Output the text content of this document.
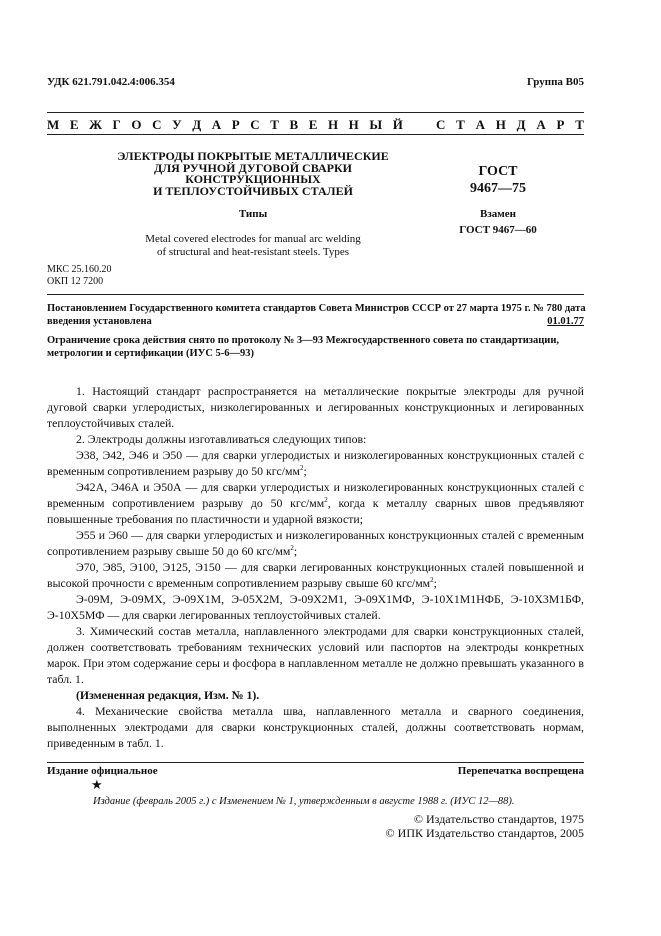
УДК 621.791.042.4:006.354	Группа В05
М Е Ж Г О С У Д А Р С Т В Е Н Н Ы Й	С Т А Н Д А Р Т
ЭЛЕКТРОДЫ ПОКРЫТЫЕ МЕТАЛЛИЧЕСКИЕ
ДЛЯ РУЧНОЙ ДУГОВОЙ СВАРКИ
КОНСТРУКЦИОННЫХ
И ТЕПЛОУСТОЙЧИВЫХ СТАЛЕЙ
Типы
Metal covered electrodes for manual arc welding
of structural and heat-resistant steels. Types
ГОСТ
9467—75
Взамен
ГОСТ 9467—60
МКС 25.160.20
ОКП 12 7200
Постановлением Государственного комитета стандартов Совета Министров СССР от 27 марта 1975 г. № 780 дата
введения установлена	01.01.77
Ограничение срока действия снято по протоколу № 3—93 Межгосударственного совета по стандартизации,
метрологии и сертификации (ИУС 5-6—93)

1. Настоящий стандарт распространяется на металлические покрытые электроды для ручной дуговой сварки углеродистых, низколегированных и легированных конструкционных и легированных теплоустойчивых сталей.

2. Электроды должны изготавливаться следующих типов:

Э38, Э42, Э46 и Э50 — для сварки углеродистых и низколегированных конструкционных сталей с временным сопротивлением разрыву до 50 кгс/$мм^2$;

Э42А, Э46А и Э50А — для сварки углеродистых и низколегированных конструкционных сталей с временным сопротивлением разрыву до 50 кгс/$мм^2$, когда к металлу сварных швов предъявляют повышенные требования по пластичности и ударной вязкости;

Э55 и Э60 — для сварки углеродистых и низколегированных конструкционных сталей с временным сопротивлением разрыву свыше 50 до 60 кгс/$мм^2$;

Э70, Э85, Э100, Э125, Э150 — для сварки легированных конструкционных сталей повышенной и высокой прочности с временным сопротивлением разрыву свыше 60 кгс/$мм^2$;

Э-09М, Э-09МХ, Э-09Х1М, Э-05Х2М, Э-09Х2М1, Э-09Х1МФ, Э-10Х1М1НФБ, Э-10Х3М1БФ, Э-10Х5МФ — для сварки легированных теплоустойчивых сталей.

3. Химический состав металла, наплавленного электродами для сварки конструкционных сталей, должен соответствовать требованиям технических условий или паспортов на электроды конкретных марок. При этом содержание серы и фосфора в наплавленном металле не должно превышать указанного в табл. 1.

(Измененная редакция, Изм. № 1).

4. Механические свойства металла шва, наплавленного металла и сварного соединения, выполненных электродами для сварки конструкционных сталей, должны соответствовать нормам, приведенным в табл. 1.

Издание официальное	Перепечатка воспрещена
★
Издание (февраль 2005 г.) с Изменением № 1, утвержденным в августе 1988 г. (ИУС 12—88).
© Издательство стандартов, 1975
© ИПК Издательство стандартов, 2005
